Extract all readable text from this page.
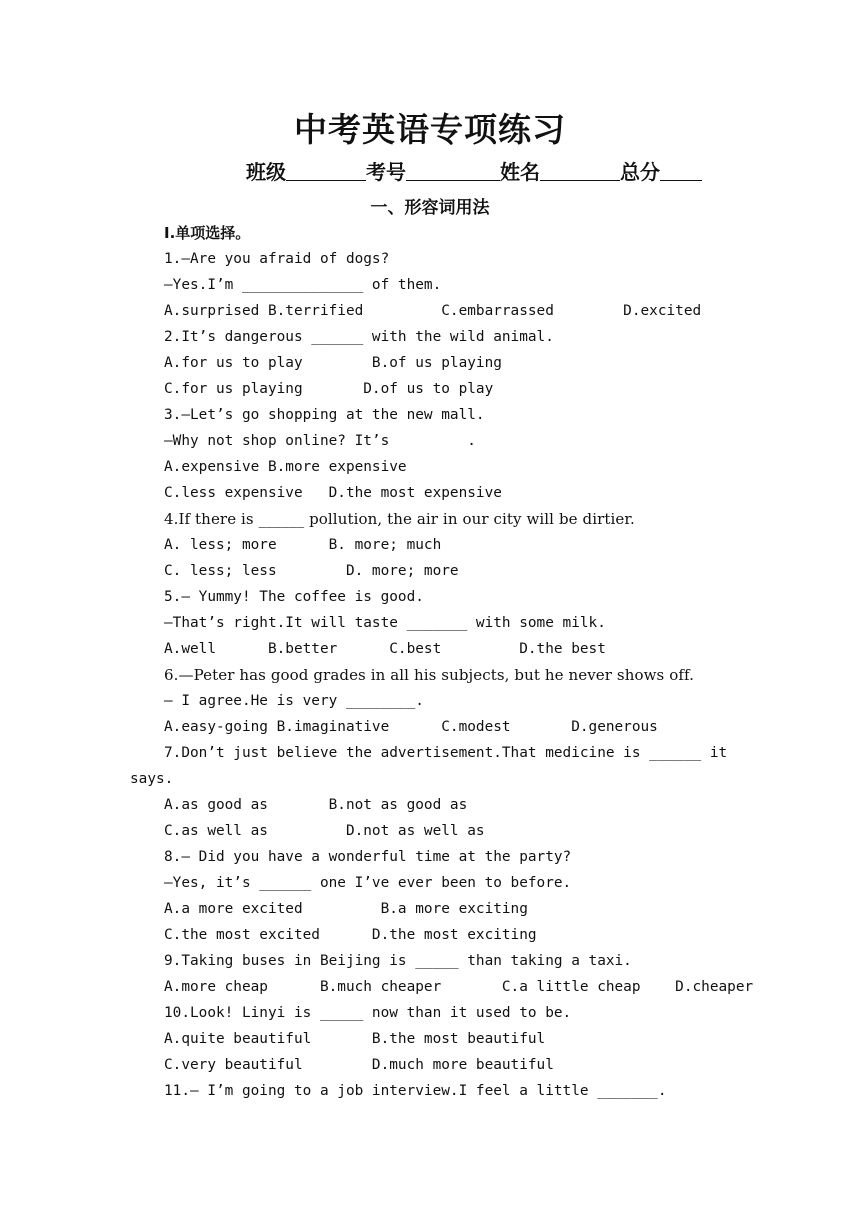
中考英语专项练习
班级	考号	姓名	总分
一、形容词用法
I.单项选择。
1.—Are you afraid of dogs?
—Yes.I’m ______________ of them.
A.surprised B.terrified         C.embarrassed        D.excited
2.It’s dangerous ______ with the wild animal.
A.for us to play        B.of us playing
C.for us playing       D.of us to play
3.—Let’s go shopping at the new mall.
—Why not shop online? It’s         .
A.expensive B.more expensive
C.less expensive   D.the most expensive
4.If there is ______ pollution, the air in our city will be dirtier.
A. less; more      B. more; much
C. less; less        D. more; more
5.— Yummy! The coffee is good.
—That’s right.It will taste _______ with some milk.
A.well      B.better      C.best         D.the best
6.—Peter has good grades in all his subjects, but he never shows off.
— I agree.He is very ________.
A.easy-going B.imaginative      C.modest       D.generous
7.Don’t just believe the advertisement.That medicine is ______ it
says.
A.as good as       B.not as good as
C.as well as         D.not as well as
8.— Did you have a wonderful time at the party?
—Yes, it’s ______ one I’ve ever been to before.
A.a more excited         B.a more exciting
C.the most excited      D.the most exciting
9.Taking buses in Beijing is _____ than taking a taxi.
A.more cheap      B.much cheaper       C.a little cheap    D.cheaper
10.Look! Linyi is _____ now than it used to be.
A.quite beautiful       B.the most beautiful
C.very beautiful        D.much more beautiful
11.— I’m going to a job interview.I feel a little _______.
